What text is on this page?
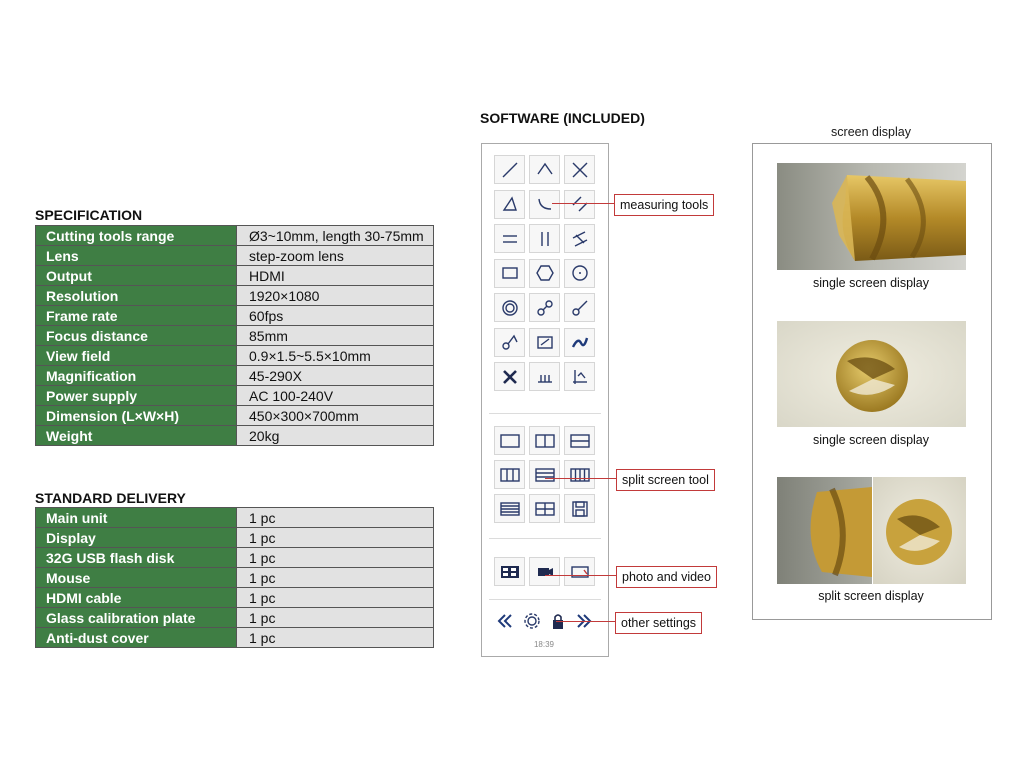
SPECIFICATION
Cutting tools range	Ø3~10mm, length 30-75mm
Lens	step-zoom lens
Output	HDMI
Resolution	1920×1080
Frame rate	60fps
Focus distance	85mm
View field	0.9×1.5~5.5×10mm
Magnification	45-290X
Power supply	AC 100-240V
Dimension (L×W×H)	450×300×700mm
Weight	20kg
STANDARD DELIVERY
Main unit	1 pc
Display	1 pc
32G USB flash disk	1 pc
Mouse	1 pc
HDMI cable	1 pc
Glass calibration plate	1 pc
Anti-dust cover	1 pc
SOFTWARE (INCLUDED)
18:39
measuring tools
split screen tool
photo and video
other settings
screen display
single screen display
single screen display
split screen display
